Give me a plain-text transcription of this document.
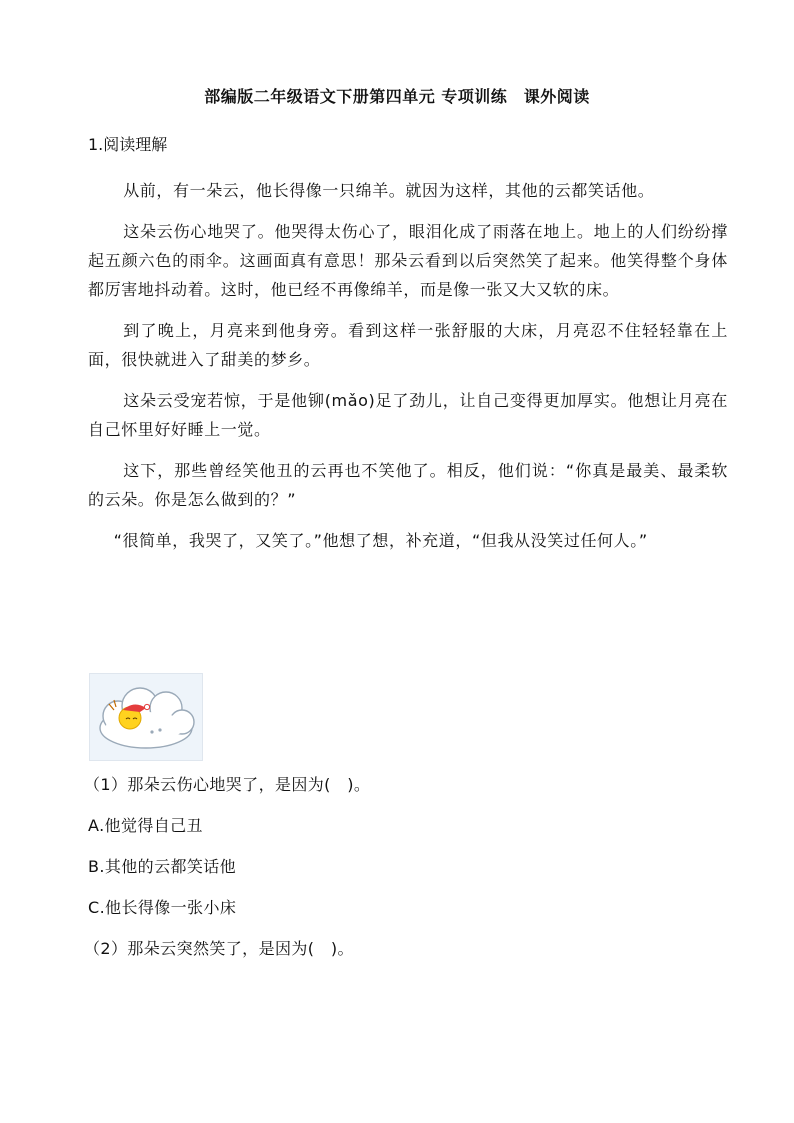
部编版二年级语文下册第四单元 专项训练　课外阅读
1.阅读理解

从前，有一朵云，他长得像一只绵羊。就因为这样，其他的云都笑话他。

这朵云伤心地哭了。他哭得太伤心了，眼泪化成了雨落在地上。地上的人们纷纷撑起五颜六色的雨伞。这画面真有意思！那朵云看到以后突然笑了起来。他笑得整个身体都厉害地抖动着。这时，他已经不再像绵羊，而是像一张又大又软的床。

到了晚上，月亮来到他身旁。看到这样一张舒服的大床，月亮忍不住轻轻靠在上面，很快就进入了甜美的梦乡。

这朵云受宠若惊，于是他铆(mǎo)足了劲儿，让自己变得更加厚实。他想让月亮在自己怀里好好睡上一觉。

这下，那些曾经笑他丑的云再也不笑他了。相反，他们说：“你真是最美、最柔软的云朵。你是怎么做到的？”

“很简单，我哭了，又笑了。”他想了想，补充道，“但我从没笑过任何人。”

（1）那朵云伤心地哭了，是因为(　)。
A.他觉得自己丑
B.其他的云都笑话他
C.他长得像一张小床
（2）那朵云突然笑了，是因为(　)。
